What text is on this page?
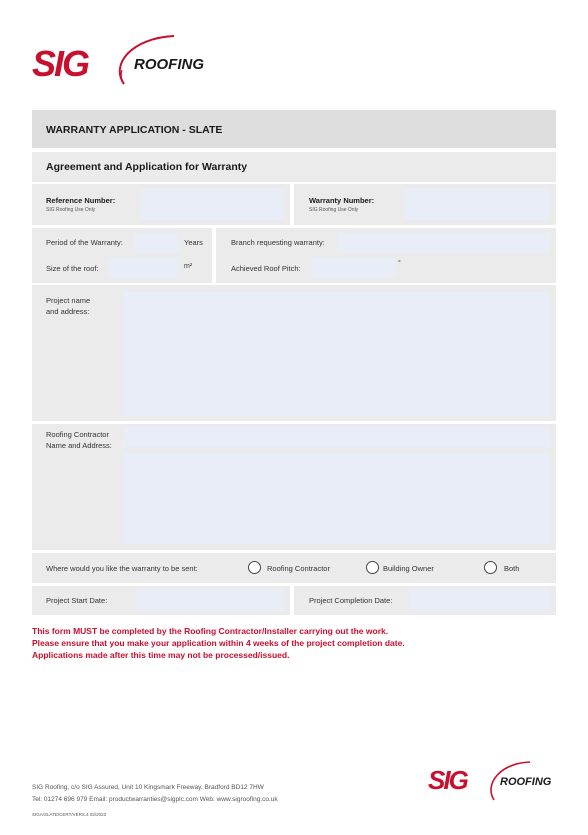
SIG	ROOFING
WARRANTY APPLICATION - SLATE
Agreement and Application for Warranty
Reference Number:
SIG Roofing Use Only
Warranty Number:
SIG Roofing Use Only
Period of the Warranty:	Years	Branch requesting warranty:
Size of the roof:	m²	Achieved Roof Pitch:
°
Project name
and address:
Roofing Contractor
Name and Address:
Where would you like the warranty to be sent:	Roofing Contractor	Building Owner	Both
Project Start Date:	Project Completion Date:
This form MUST be completed by the Roofing Contractor/Installer carrying out the work.
Please ensure that you make your application within 4 weeks of the project completion date.
Applications made after this time may not be processed/issued.
SIG Roofing, c/o SIG Assured, Unit 10 Kingsmark Freeway, Bradford BD12 7HW
Tel: 01274 696 979 Email: productwarranties@sigplc.com Web: www.sigroofing.co.uk
SIGA/SLATE/CERT/VERS.4 02/2023
SIG	ROOFING
